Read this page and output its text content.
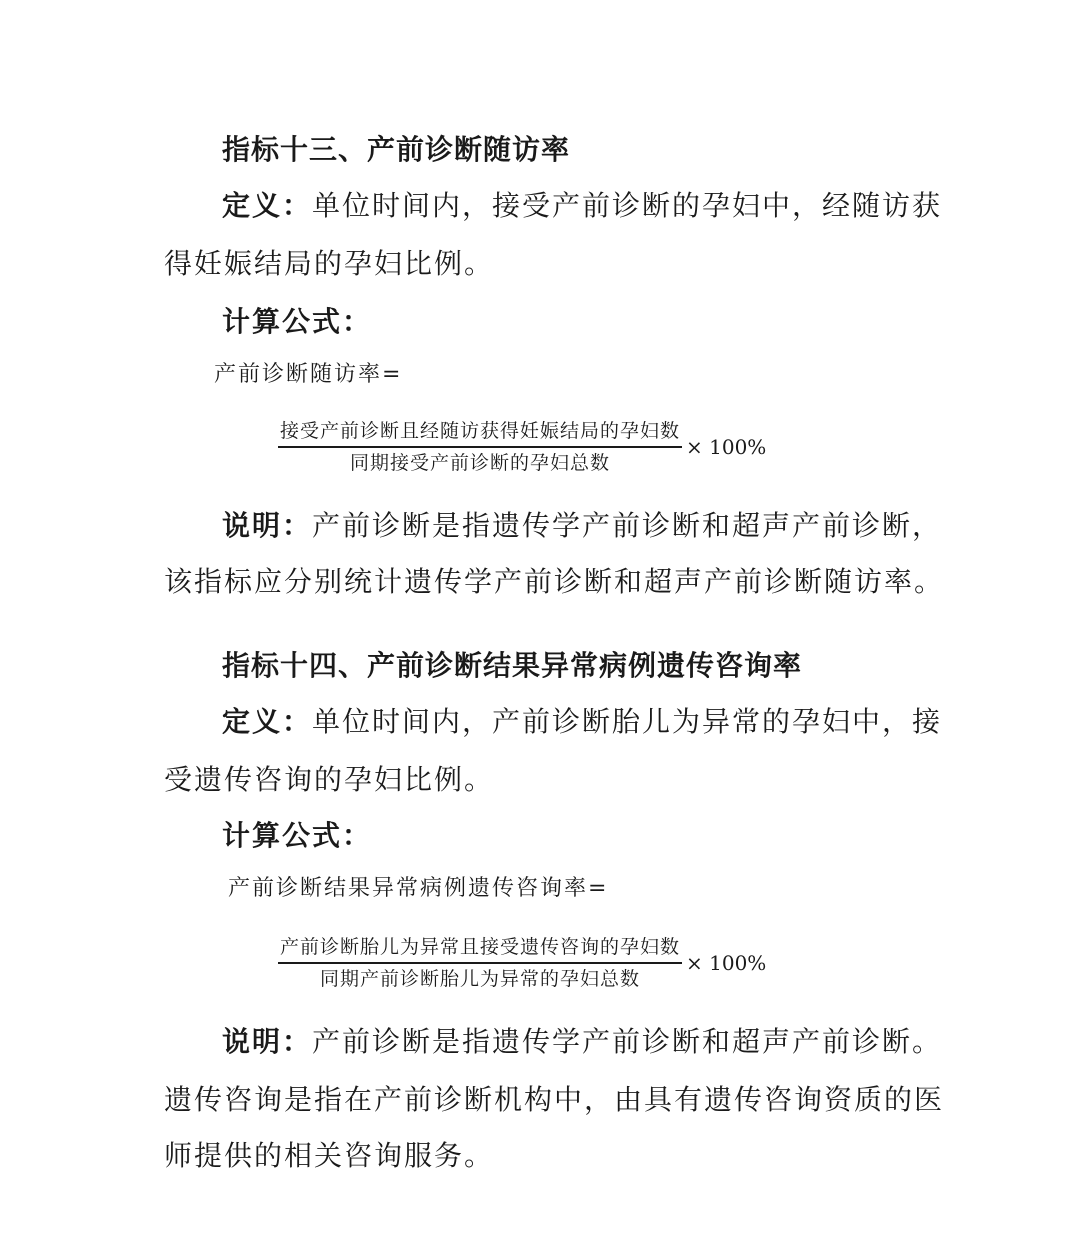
指标十三、产前诊断随访率
定义：单位时间内，接受产前诊断的孕妇中，经随访获
得妊娠结局的孕妇比例。
计算公式：
产前诊断随访率=
$\frac{\text{接受产前诊断且经随访获得妊娠结局的孕妇数}}{\text{同期接受产前诊断的孕妇总数}} \times 100\%$
说明：产前诊断是指遗传学产前诊断和超声产前诊断，
该指标应分别统计遗传学产前诊断和超声产前诊断随访率。
指标十四、产前诊断结果异常病例遗传咨询率
定义：单位时间内，产前诊断胎儿为异常的孕妇中，接
受遗传咨询的孕妇比例。
计算公式：
产前诊断结果异常病例遗传咨询率=
$\frac{\text{产前诊断胎儿为异常且接受遗传咨询的孕妇数}}{\text{同期产前诊断胎儿为异常的孕妇总数}} \times 100\%$
说明：产前诊断是指遗传学产前诊断和超声产前诊断。
遗传咨询是指在产前诊断机构中，由具有遗传咨询资质的医
师提供的相关咨询服务。
